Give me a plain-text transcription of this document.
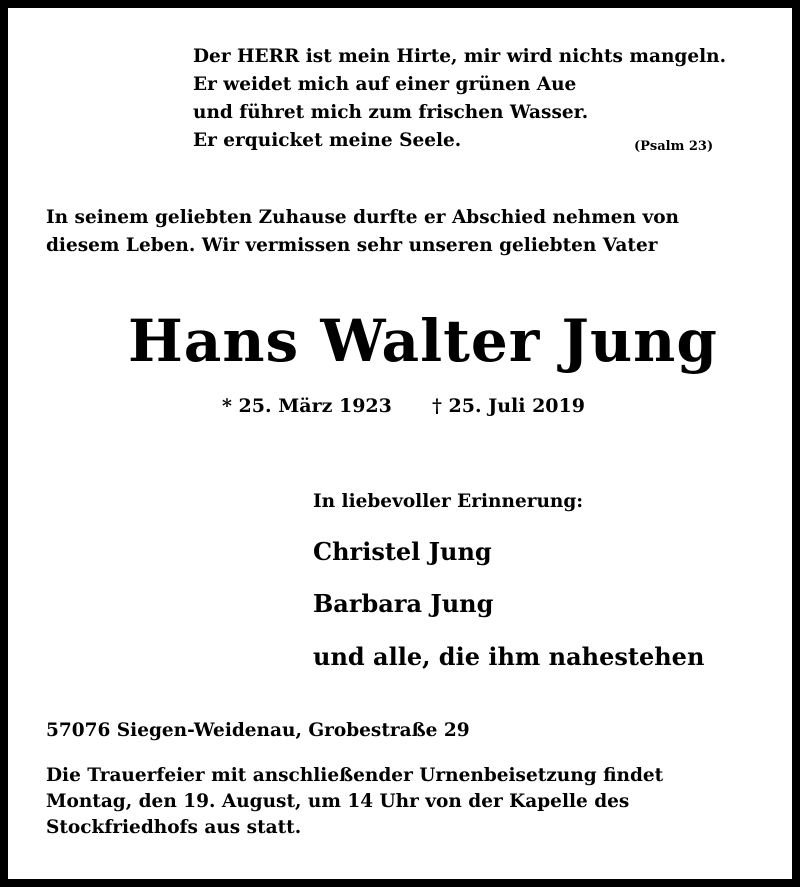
Der HERR ist mein Hirte, mir wird nichts mangeln.
Er weidet mich auf einer grünen Aue
und führet mich zum frischen Wasser.
Er erquicket meine Seele.	(Psalm 23)
In seinem geliebten Zuhause durfte er Abschied nehmen von
diesem Leben. Wir vermissen sehr unseren geliebten Vater
Hans Walter Jung
* 25. März 1923 † 25. Juli 2019
In liebevoller Erinnerung:
Christel Jung
Barbara Jung
und alle, die ihm nahestehen
57076 Siegen-Weidenau, Grobestraße 29
Die Trauerfeier mit anschließender Urnenbeisetzung findet
Montag, den 19. August, um 14 Uhr von der Kapelle des
Stockfriedhofs aus statt.
